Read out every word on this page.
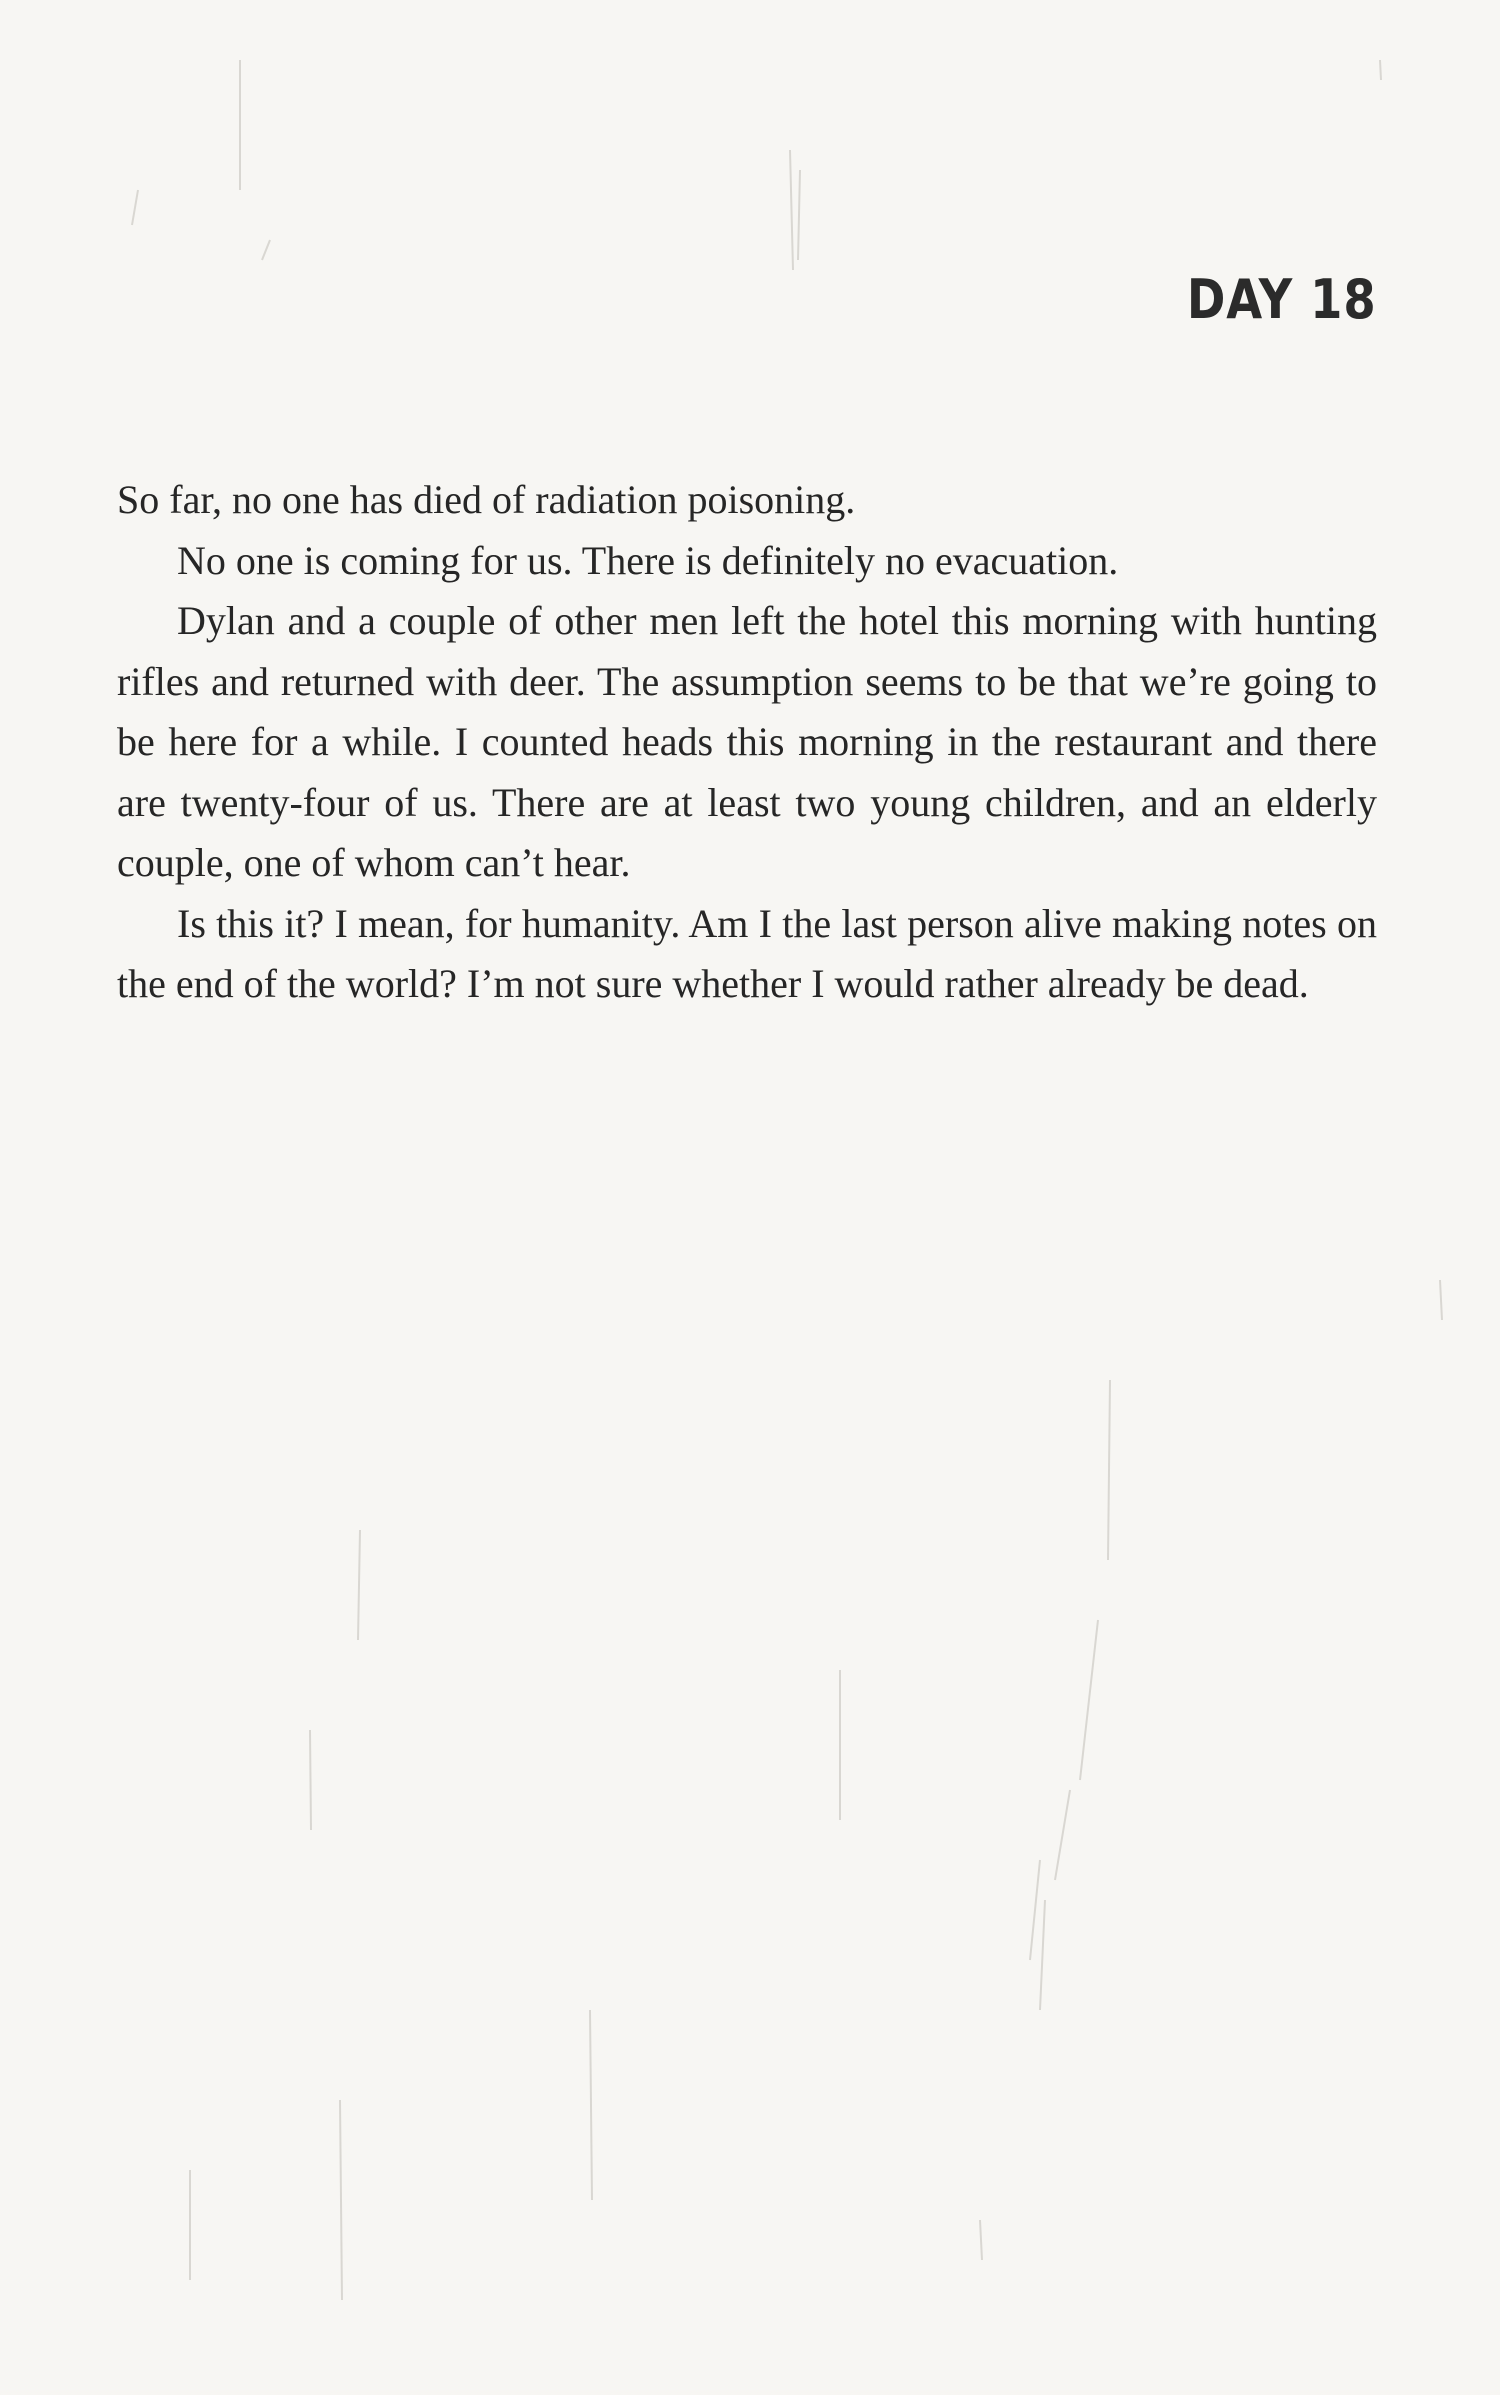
DAY 18

So far, no one has died of radiation poisoning.

No one is coming for us. There is definitely no evacuation.

Dylan and a couple of other men left the hotel this morning with hunting rifles and returned with deer. The assumption seems to be that we’re going to be here for a while. I counted heads this morning in the restaurant and there are twenty-four of us. There are at least two young children, and an elderly couple, one of whom can’t hear.

Is this it? I mean, for humanity. Am I the last person alive making notes on the end of the world? I’m not sure whether I would rather already be dead.
